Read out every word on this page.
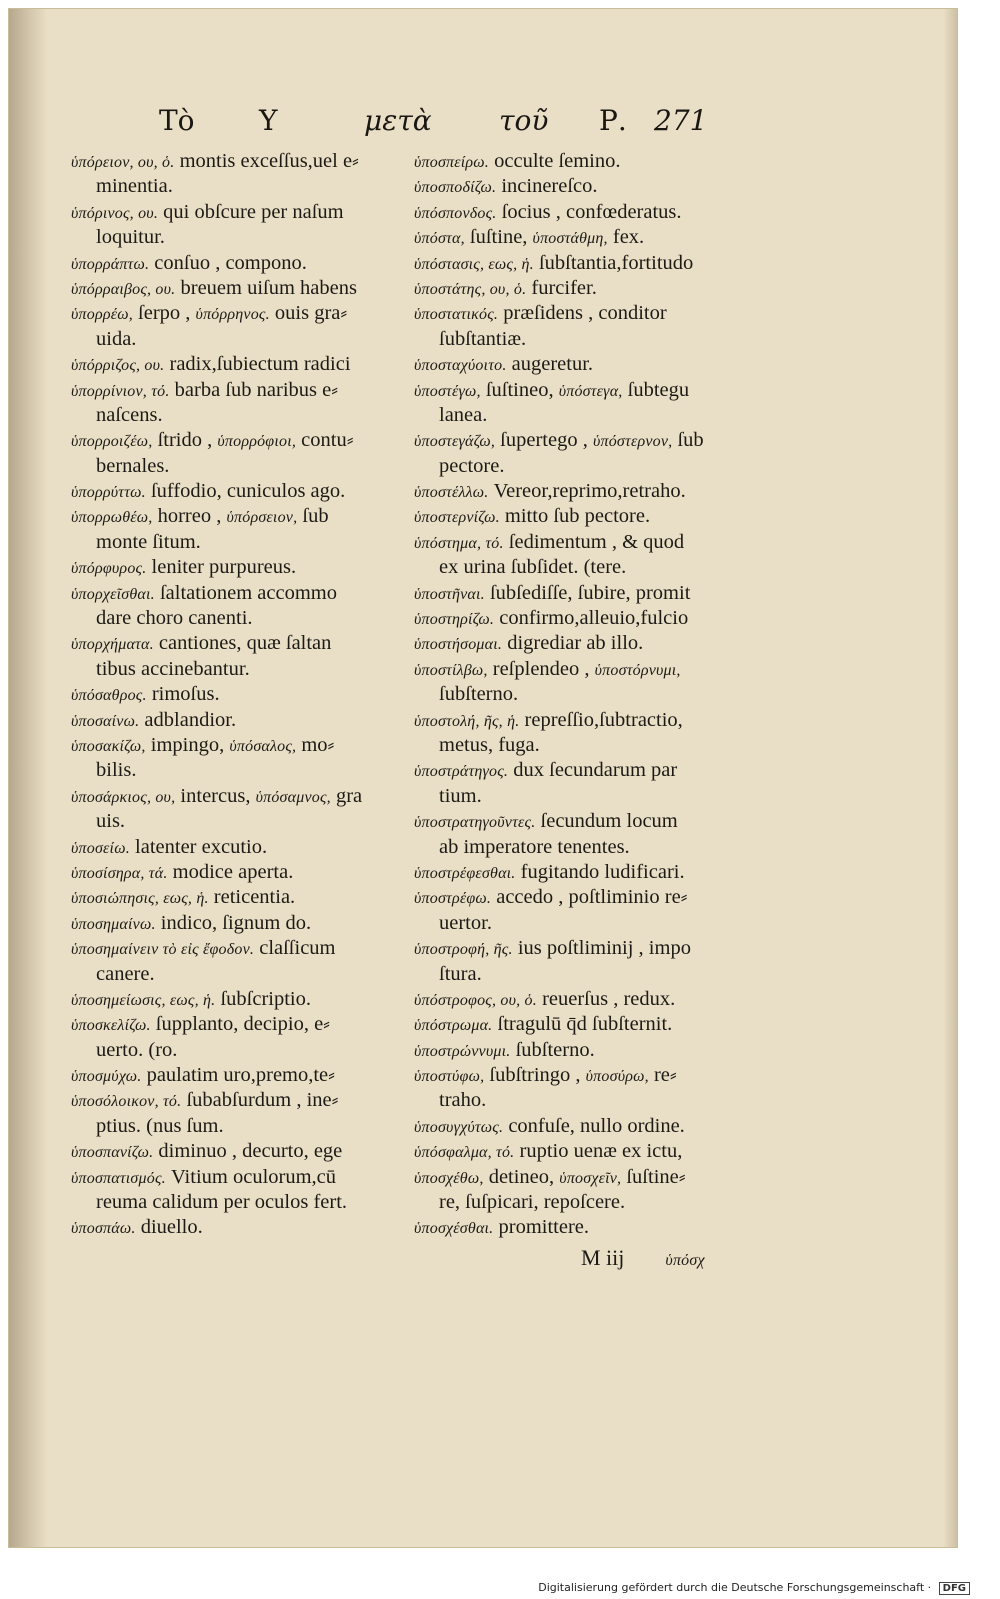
Τὸ Υ	μετὰ τοῦ Ρ. 271
ὑπόρειον, ου, ὁ. montis exceſſus,uel e⸗
minentia.
ὑπόρινος, ου. qui obſcure per naſum
loquitur.
ὑπορράπτω. conſuo , compono.
ὑπόρραιβος, ου. breuem uiſum habens
ὑπορρέω, ſerpo , ὑπόρρηνος. ouis gra⸗
uida.
ὑπόρριζος, ου. radix,ſubiectum radici
ὑπορρίνιον, τό. barba ſub naribus e⸗
naſcens.
ὑπορροιζέω, ſtrido , ὑπορρόφιοι, contu⸗
bernales.
ὑπορρύττω. ſuffodio, cuniculos ago.
ὑπορρωθέω, horreo , ὑπόρσειον, ſub
monte ſitum.
ὑπόρφυρος. leniter purpureus.
ὑπορχεῖσθαι. ſaltationem accommo
dare choro canenti.
ὑπορχήματα. cantiones, quæ ſaltan
tibus accinebantur.
ὑπόσαθρος. rimoſus.
ὑποσαίνω. adblandior.
ὑποσακίζω, impingo, ὑπόσαλος, mo⸗
bilis.
ὑποσάρκιος, ου, intercus, ὑπόσαμνος, gra
uis.
ὑποσείω. latenter excutio.
ὑποσίσηρα, τά. modice aperta.
ὑποσιώπησις, εως, ἡ. reticentia.
ὑποσημαίνω. indico, ſignum do.
ὑποσημαίνειν τὸ εἰς ἔφοδον. claſſicum
canere.
ὑποσημείωσις, εως, ἡ. ſubſcriptio.
ὑποσκελίζω. ſupplanto, decipio, e⸗
uerto. (ro.
ὑποσμύχω. paulatim uro,premo,te⸗
ὑποσόλοικον, τό. ſubabſurdum , ine⸗
ptius. (nus ſum.
ὑποσπανίζω. diminuo , decurto, ege
ὑποσπατισμός. Vitium oculorum,cū
reuma calidum per oculos fert.
ὑποσπάω. diuello.
ὑποσπείρω. occulte ſemino.
ὑποσποδίζω. incinereſco.
ὑπόσπονδος. ſocius , confœderatus.
ὑπόστα, ſuſtine, ὑποστάθμη, fex.
ὑπόστασις, εως, ἡ. ſubſtantia,fortitudo
ὑποστάτης, ου, ὁ. furcifer.
ὑποστατικός. præſidens , conditor
ſubſtantiæ.
ὑποσταχύοιτο. augeretur.
ὑποστέγω, ſuſtineo, ὑπόστεγα, ſubtegu
lanea.
ὑποστεγάζω, ſupertego , ὑπόστερνον, ſub
pectore.
ὑποστέλλω. Vereor,reprimo,retraho.
ὑποστερνίζω. mitto ſub pectore.
ὑπόστημα, τό. ſedimentum , & quod
ex urina ſubſidet. (tere.
ὑποστῆναι. ſubſediſſe, ſubire, promit
ὑποστηρίζω. confirmo,alleuio,fulcio
ὑποστήσομαι. digrediar ab illo.
ὑποστίλβω, reſplendeo , ὑποστόρνυμι,
ſubſterno.
ὑποστολή, ῆς, ἡ. repreſſio,ſubtractio,
metus, fuga.
ὑποστράτηγος. dux ſecundarum par
tium.
ὑποστρατηγοῦντες. ſecundum locum
ab imperatore tenentes.
ὑποστρέφεσθαι. fugitando ludificari.
ὑποστρέφω. accedo , poſtliminio re⸗
uertor.
ὑποστροφή, ῆς. ius poſtliminij , impo
ſtura.
ὑπόστροφος, ου, ὁ. reuerſus , redux.
ὑπόστρωμα. ſtragulū q̄d ſubſternit.
ὑποστρώννυμι. ſubſterno.
ὑποστύφω, ſubſtringo , ὑποσύρω, re⸗
traho.
ὑποσυγχύτως. confuſe, nullo ordine.
ὑπόσφαλμα, τό. ruptio uenæ ex ictu,
ὑποσχέθω, detineo, ὑποσχεῖν, ſuſtine⸗
re, ſuſpicari, repoſcere.
ὑποσχέσθαι. promittere.
M iij	ὑπόσχ
Digitalisierung gefördert durch die Deutsche Forschungsgemeinschaft · DFG
